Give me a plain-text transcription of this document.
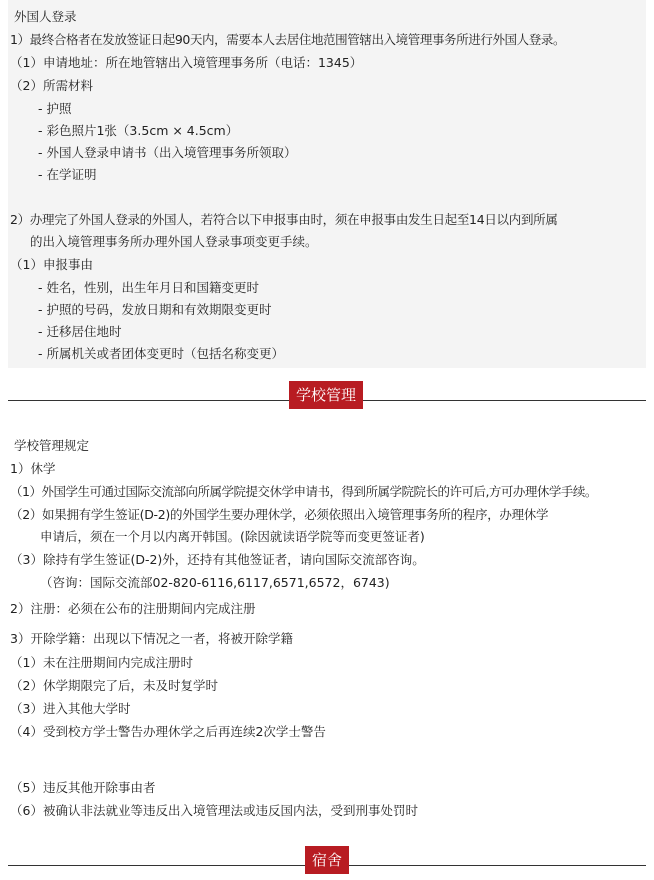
外国人登录
1）最终合格者在发放签证日起90天内，需要本人去居住地范围管辖出入境管理事务所进行外国人登录。
（1）申请地址：所在地管辖出入境管理事务所（电话：1345）
（2）所需材料
- 护照
- 彩色照片1张（3.5cm × 4.5cm）
- 外国人登录申请书（出入境管理事务所领取）
- 在学证明
2）办理完了外国人登录的外国人，若符合以下申报事由时，须在申报事由发生日起至14日以内到所属
的出入境管理事务所办理外国人登录事项变更手续。
（1）申报事由
- 姓名，性别，出生年月日和国籍变更时
- 护照的号码，发放日期和有效期限变更时
- 迁移居住地时
- 所属机关或者团体变更时（包括名称变更）
学校管理
学校管理规定
1）休学
（1）外国学生可通过国际交流部向所属学院提交休学申请书，得到所属学院院长的许可后,方可办理休学手续。
（2）如果拥有学生签证(D-2)的外国学生要办理休学，必须依照出入境管理事务所的程序，办理休学
申请后，须在一个月以内离开韩国。(除因就读语学院等而变更签证者)
（3）除持有学生签证(D-2)外，还持有其他签证者，请向国际交流部咨询。
（咨询：国际交流部02-820-6116,6117,6571,6572，6743)
2）注册：必须在公布的注册期间内完成注册
3）开除学籍：出现以下情况之一者，将被开除学籍
（1）未在注册期间内完成注册时
（2）休学期限完了后，未及时复学时
（3）进入其他大学时
（4）受到校方学士警告办理休学之后再连续2次学士警告
（5）违反其他开除事由者
（6）被确认非法就业等违反出入境管理法或违反国内法，受到刑事处罚时
宿舍
